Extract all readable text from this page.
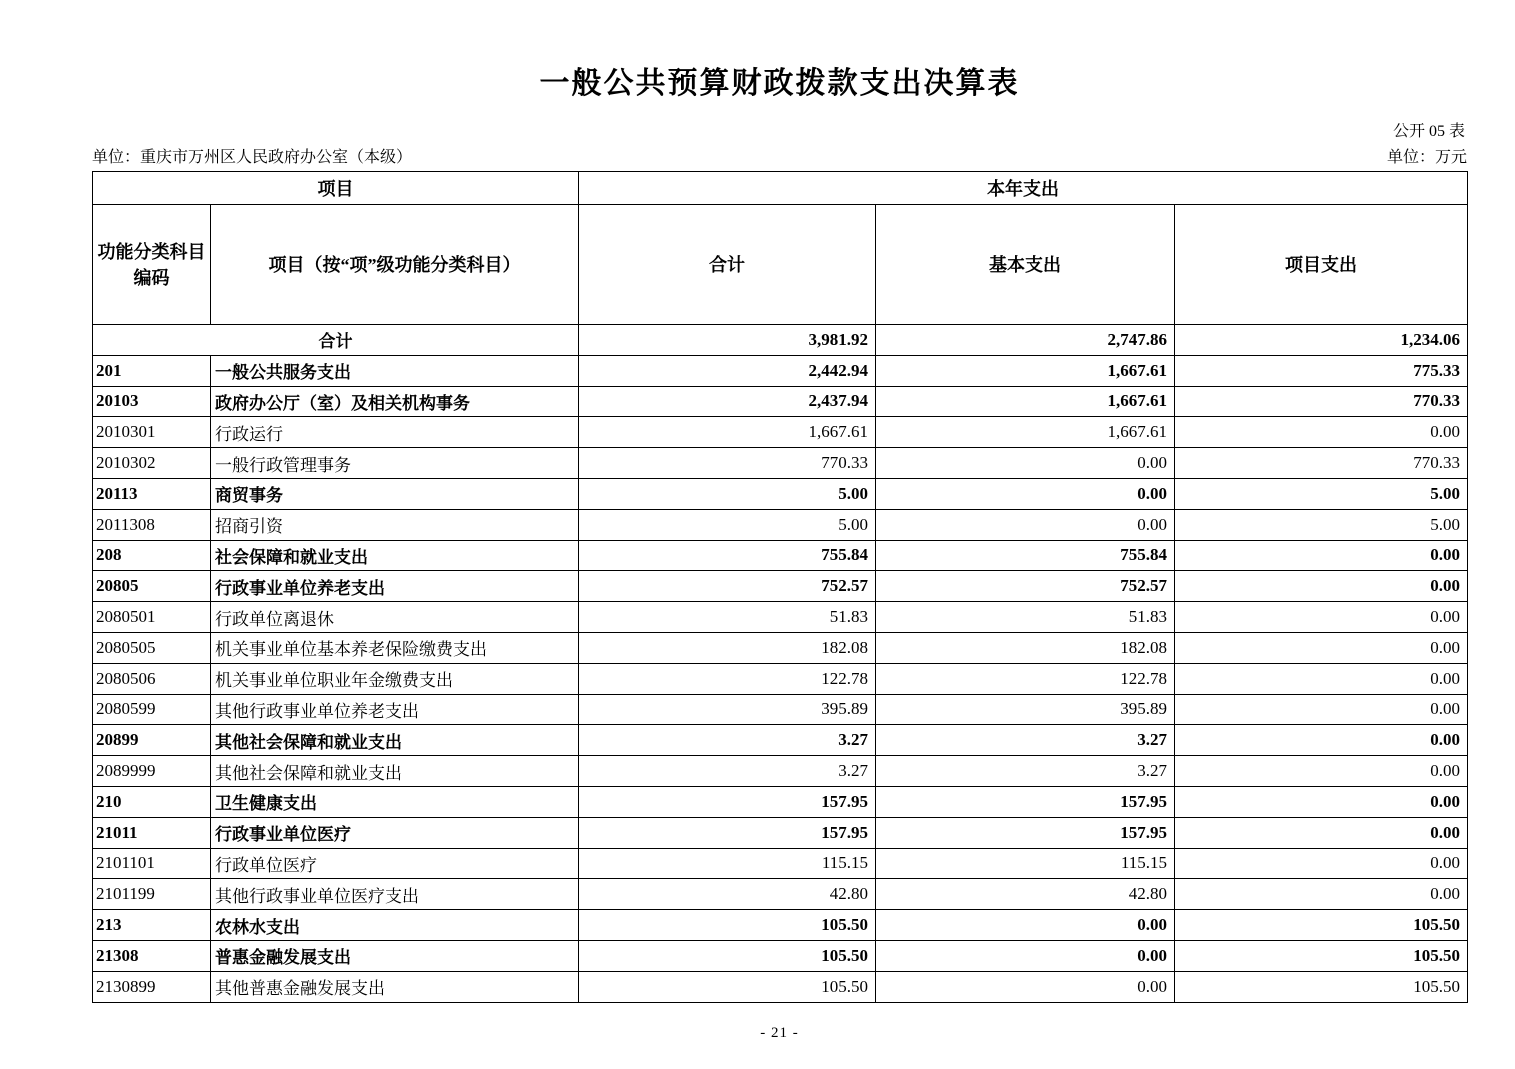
一般公共预算财政拨款支出决算表
公开 05 表
单位：重庆市万州区人民政府办公室（本级）	单位：万元
项目		本年支出		
功能分类科目
编码	项目（按“项”级功能分类科目）	合计	基本支出	项目支出
合计		3,981.92	2,747.86	1,234.06
201	一般公共服务支出	2,442.94	1,667.61	775.33
20103	政府办公厅（室）及相关机构事务	2,437.94	1,667.61	770.33
2010301	行政运行	1,667.61	1,667.61	0.00
2010302	一般行政管理事务	770.33	0.00	770.33
20113	商贸事务	5.00	0.00	5.00
2011308	招商引资	5.00	0.00	5.00
208	社会保障和就业支出	755.84	755.84	0.00
20805	行政事业单位养老支出	752.57	752.57	0.00
2080501	行政单位离退休	51.83	51.83	0.00
2080505	机关事业单位基本养老保险缴费支出	182.08	182.08	0.00
2080506	机关事业单位职业年金缴费支出	122.78	122.78	0.00
2080599	其他行政事业单位养老支出	395.89	395.89	0.00
20899	其他社会保障和就业支出	3.27	3.27	0.00
2089999	其他社会保障和就业支出	3.27	3.27	0.00
210	卫生健康支出	157.95	157.95	0.00
21011	行政事业单位医疗	157.95	157.95	0.00
2101101	行政单位医疗	115.15	115.15	0.00
2101199	其他行政事业单位医疗支出	42.80	42.80	0.00
213	农林水支出	105.50	0.00	105.50
21308	普惠金融发展支出	105.50	0.00	105.50
2130899	其他普惠金融发展支出	105.50	0.00	105.50
- 21 -
